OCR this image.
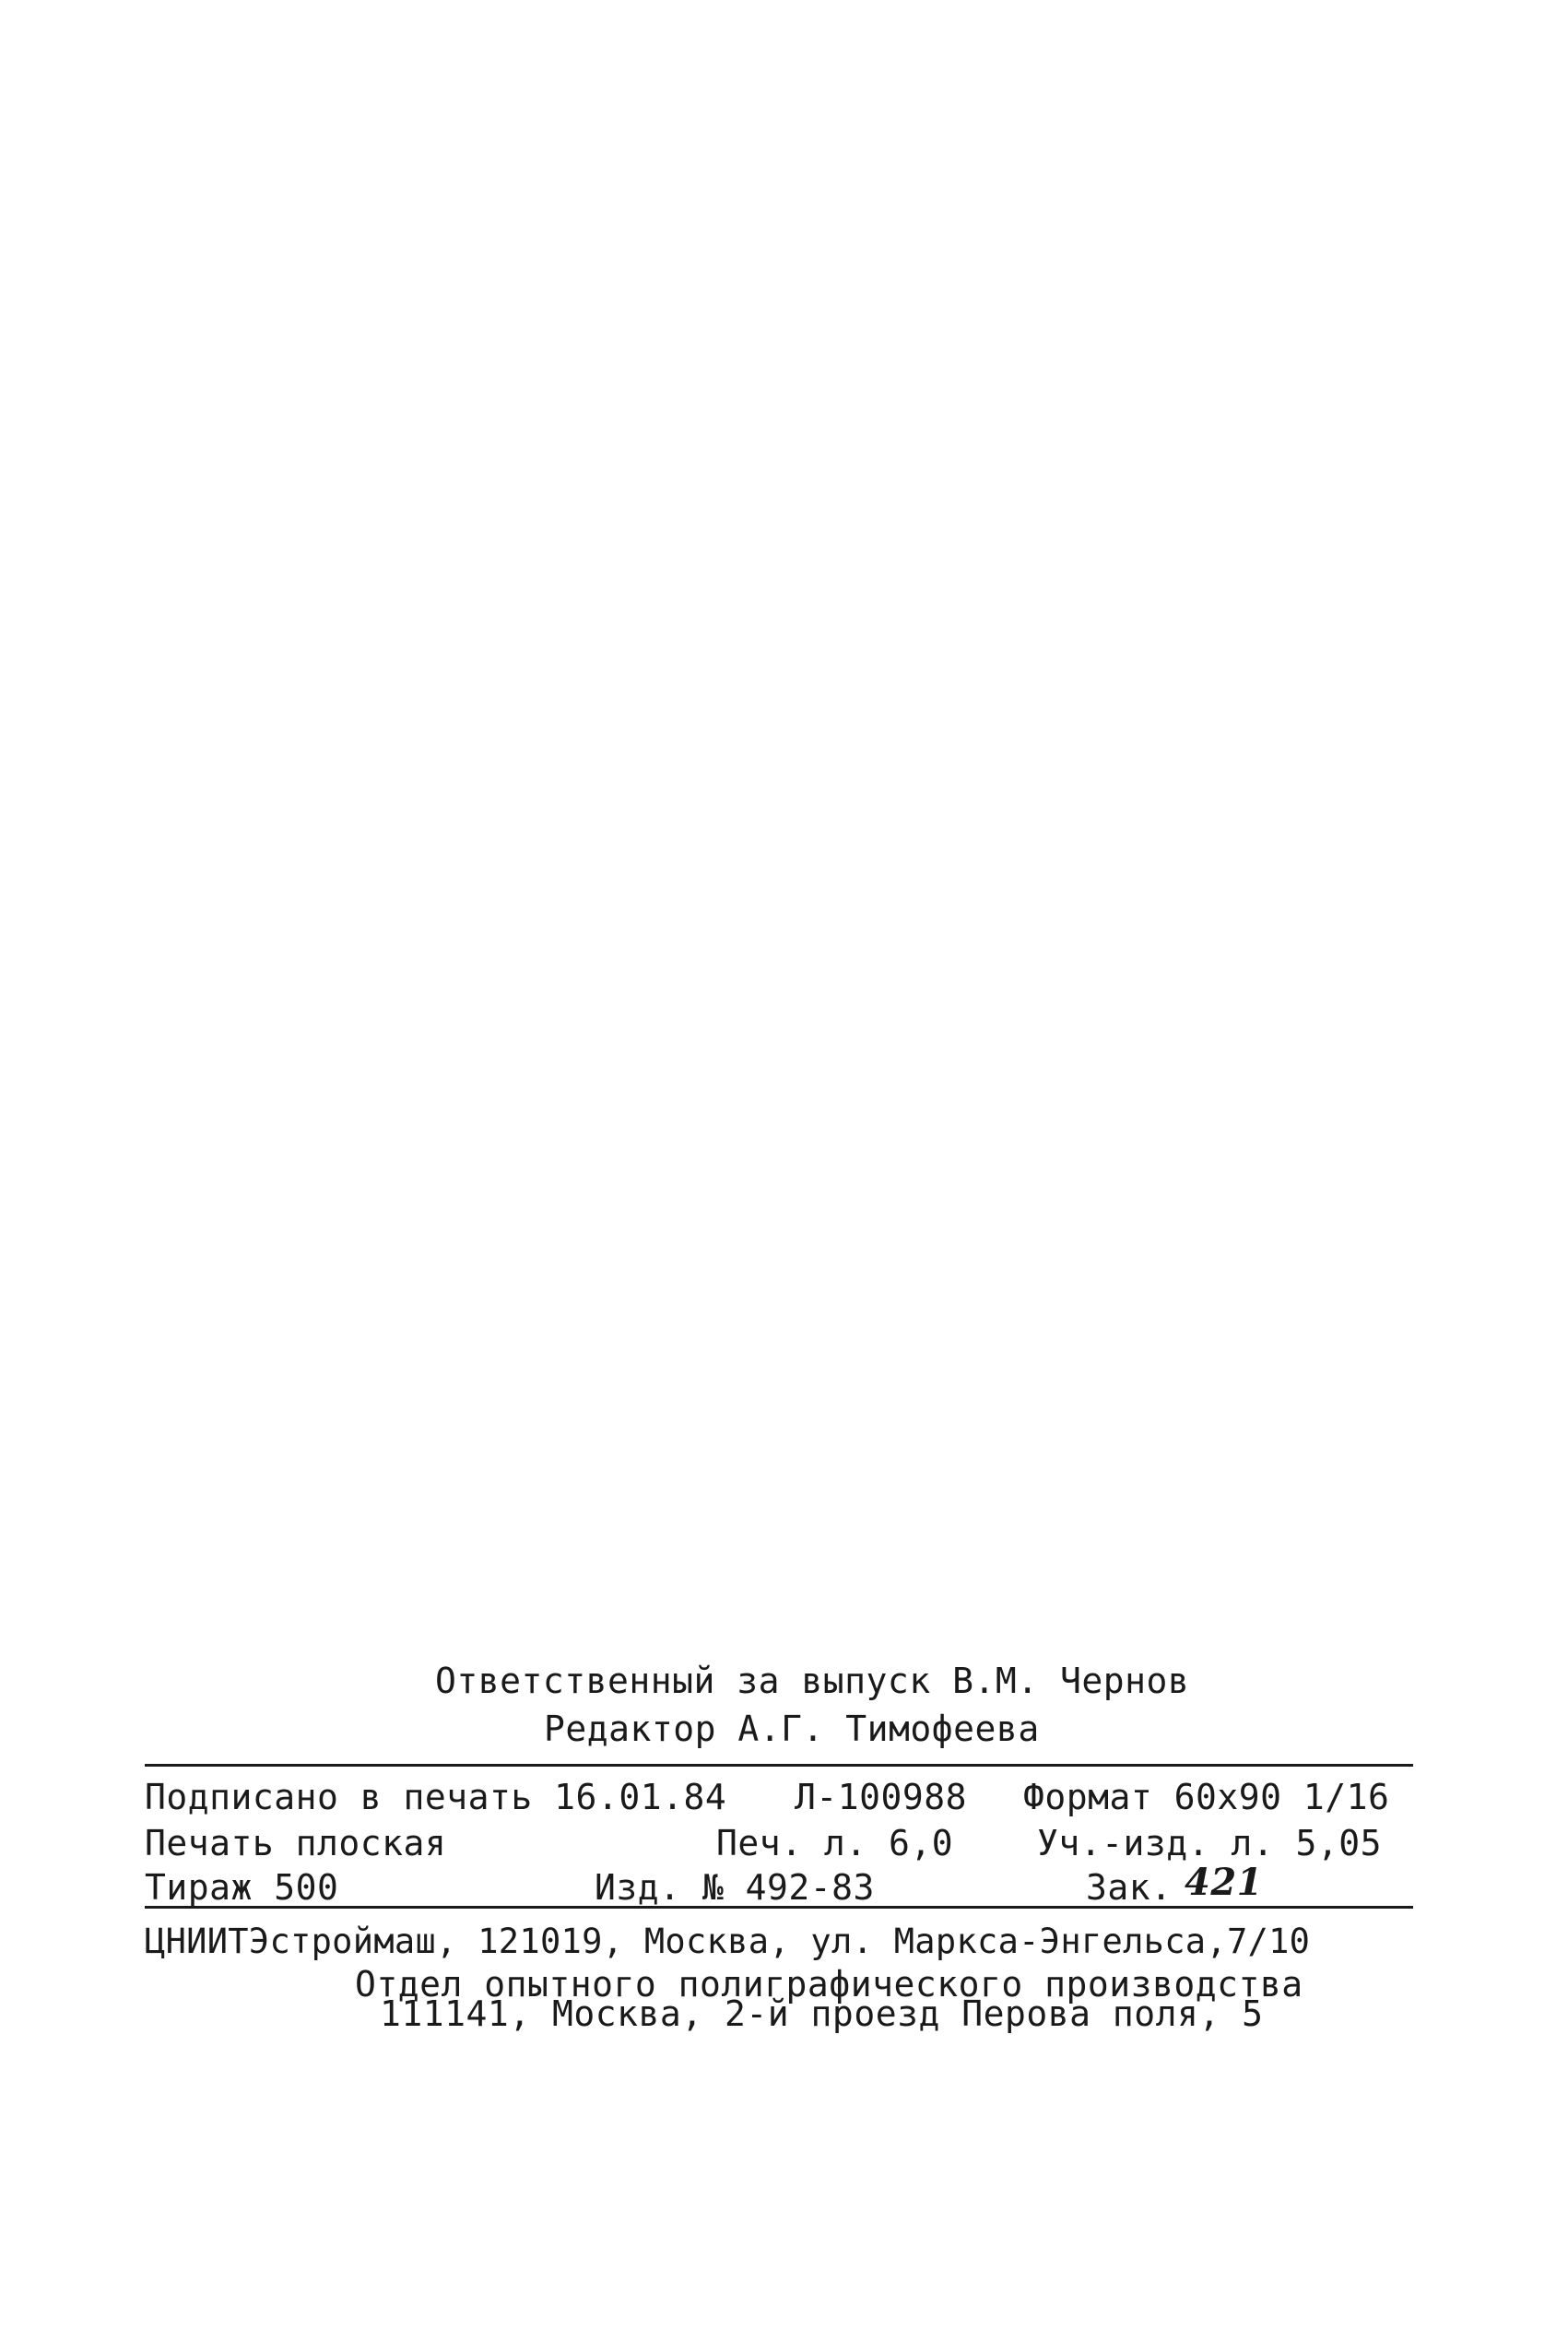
Ответственный за выпуск В.М. Чернов
Редактор А.Г. Тимофеева
Подписано в печать 16.01.84 Л-100988 Формат 60х90 1/16
Печать плоская	Печ. л. 6,0 Уч.-изд. л. 5,05
Тираж 500	Изд. № 492-83	Зак. 421
ЦНИИТЭстроймаш, 121019, Москва, ул. Маркса-Энгельса,7/10
Отдел опытного полиграфического производства
111141, Москва, 2-й проезд Перова поля, 5
